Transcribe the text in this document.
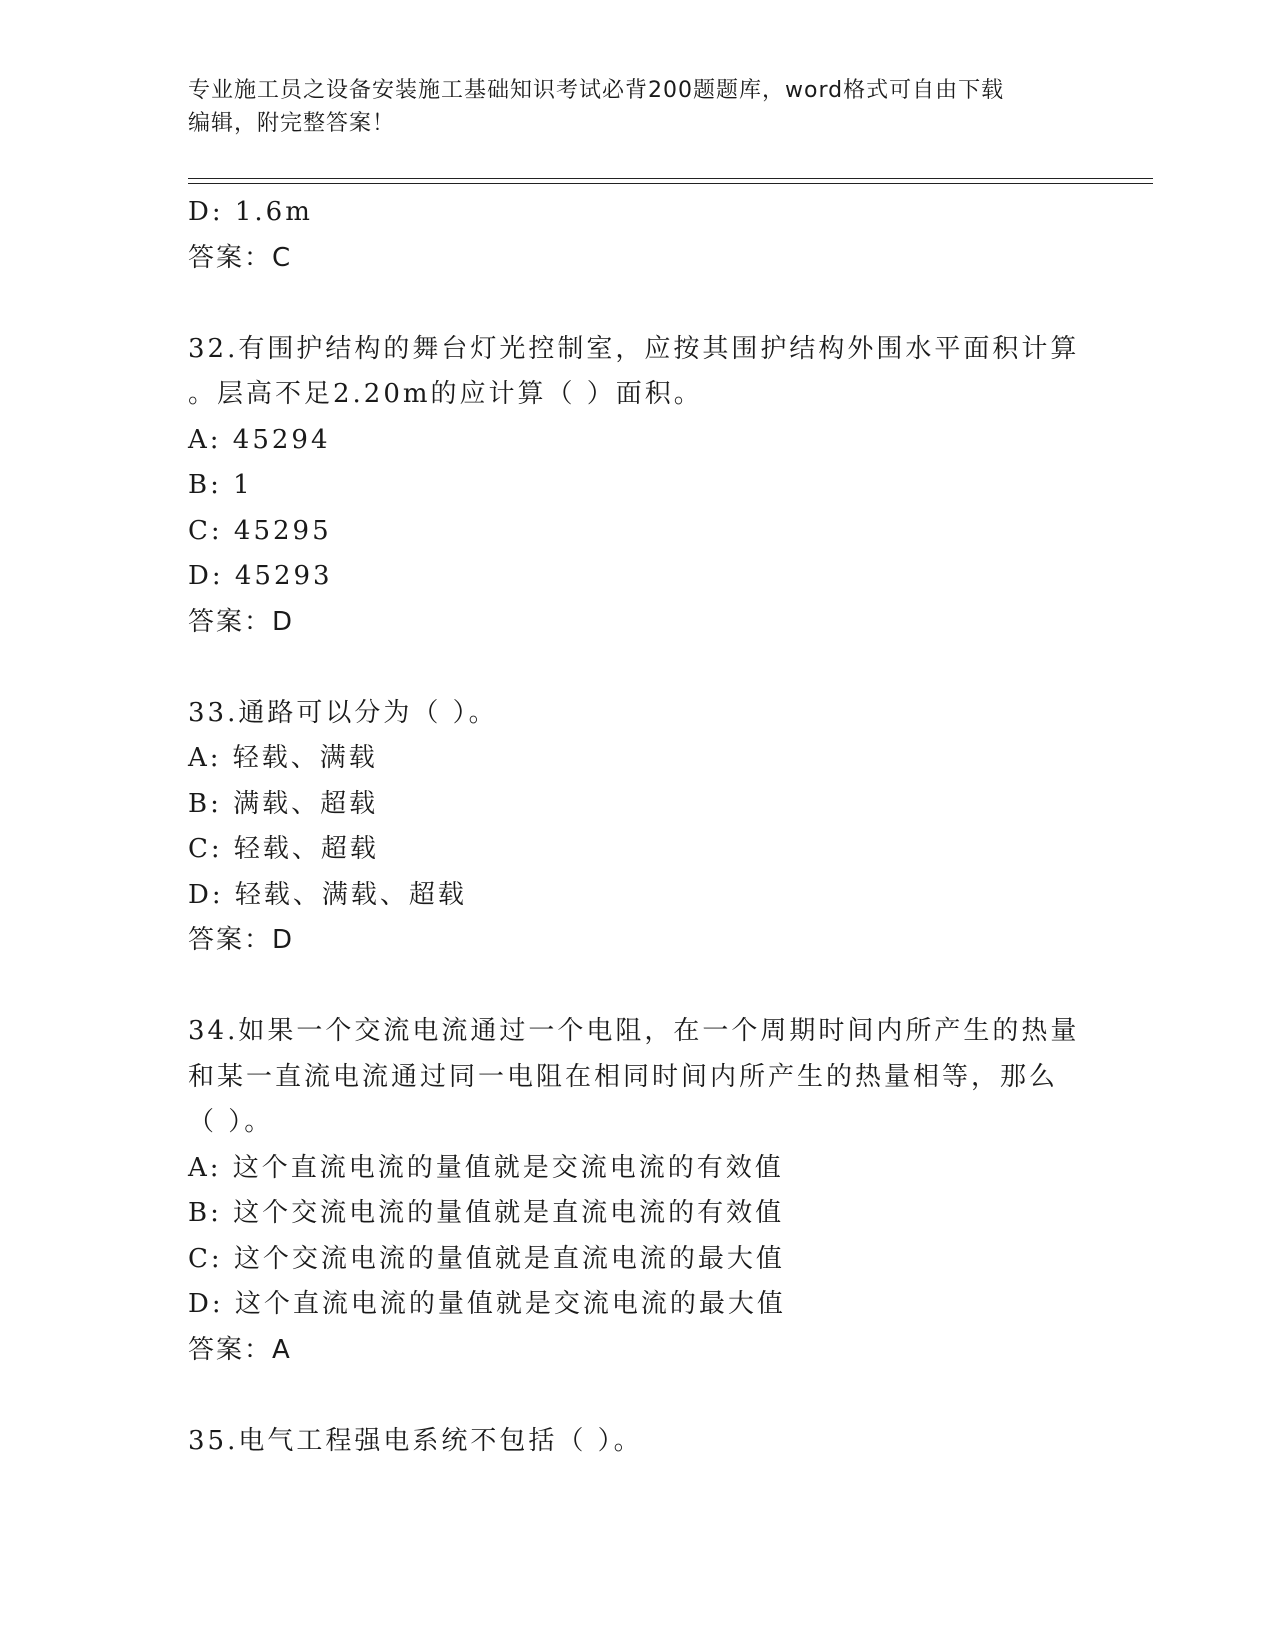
专业施工员之设备安装施工基础知识考试必背200题题库，word格式可自由下载
编辑，附完整答案！
D: 1.6m
答案：C
32.有围护结构的舞台灯光控制室，应按其围护结构外围水平面积计算
。层高不足2.20m的应计算（ ）面积。
A: 45294
B: 1
C: 45295
D: 45293
答案：D
33.通路可以分为（ ）。
A: 轻载、满载
B: 满载、超载
C: 轻载、超载
D: 轻载、满载、超载
答案：D
34.如果一个交流电流通过一个电阻，在一个周期时间内所产生的热量
和某一直流电流通过同一电阻在相同时间内所产生的热量相等，那么
（ ）。
A: 这个直流电流的量值就是交流电流的有效值
B: 这个交流电流的量值就是直流电流的有效值
C: 这个交流电流的量值就是直流电流的最大值
D: 这个直流电流的量值就是交流电流的最大值
答案：A
35.电气工程强电系统不包括（ ）。
